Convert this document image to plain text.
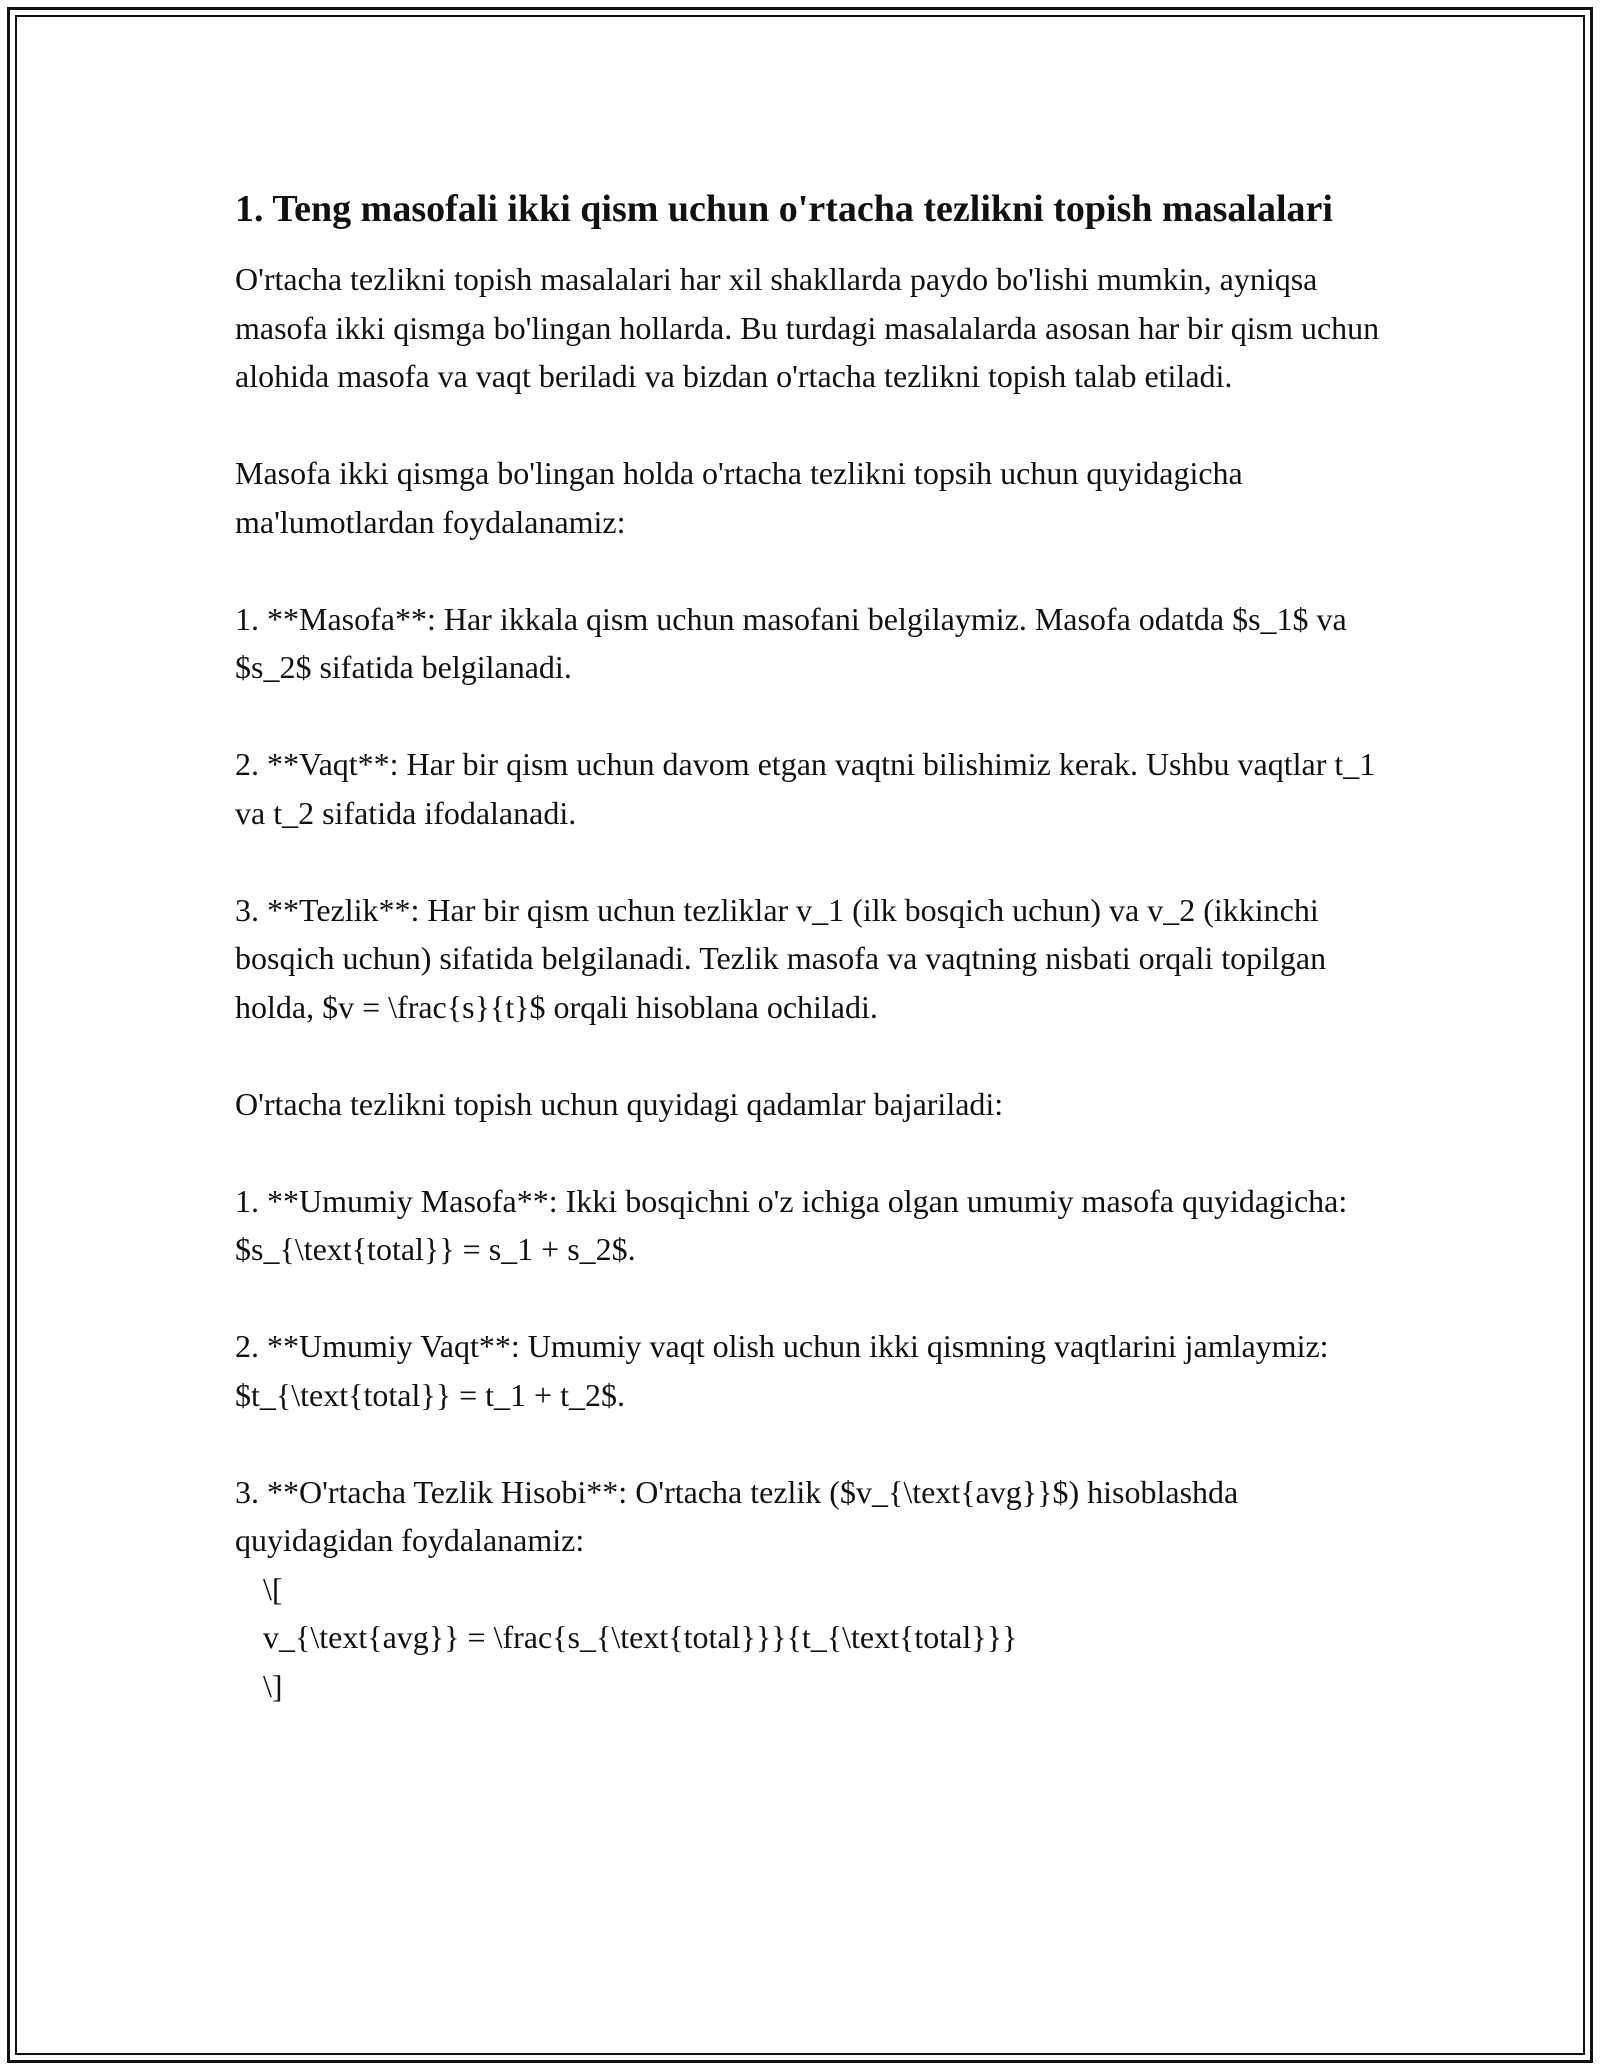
1. Teng masofali ikki qism uchun o'rtacha tezlikni topish masalalari

O'rtacha tezlikni topish masalalari har xil shakllarda paydo bo'lishi mumkin, ayniqsa masofa ikki qismga bo'lingan hollarda. Bu turdagi masalalarda asosan har bir qism uchun alohida masofa va vaqt beriladi va bizdan o'rtacha tezlikni topish talab etiladi.

Masofa ikki qismga bo'lingan holda o'rtacha tezlikni topsih uchun quyidagicha ma'lumotlardan foydalanamiz:

1. **Masofa**: Har ikkala qism uchun masofani belgilaymiz. Masofa odatda $s_1$ va $s_2$ sifatida belgilanadi.

2. **Vaqt**: Har bir qism uchun davom etgan vaqtni bilishimiz kerak. Ushbu vaqtlar t_1 va t_2 sifatida ifodalanadi.

3. **Tezlik**: Har bir qism uchun tezliklar v_1 (ilk bosqich uchun) va v_2 (ikkinchi bosqich uchun) sifatida belgilanadi. Tezlik masofa va vaqtning nisbati orqali topilgan holda, $v = \frac{s}{t}$ orqali hisoblana ochiladi.

O'rtacha tezlikni topish uchun quyidagi qadamlar bajariladi:

1. **Umumiy Masofa**: Ikki bosqichni o'z ichiga olgan umumiy masofa quyidagicha: $s_{\text{total}} = s_1 + s_2$.

2. **Umumiy Vaqt**: Umumiy vaqt olish uchun ikki qismning vaqtlarini jamlaymiz: $t_{\text{total}} = t_1 + t_2$.

3. **O'rtacha Tezlik Hisobi**: O'rtacha tezlik ($v_{\text{avg}}$) hisoblashda quyidagidan foydalanamiz:

\[
v_{\text{avg}} = \frac{s_{\text{total}}}{t_{\text{total}}}
\]
